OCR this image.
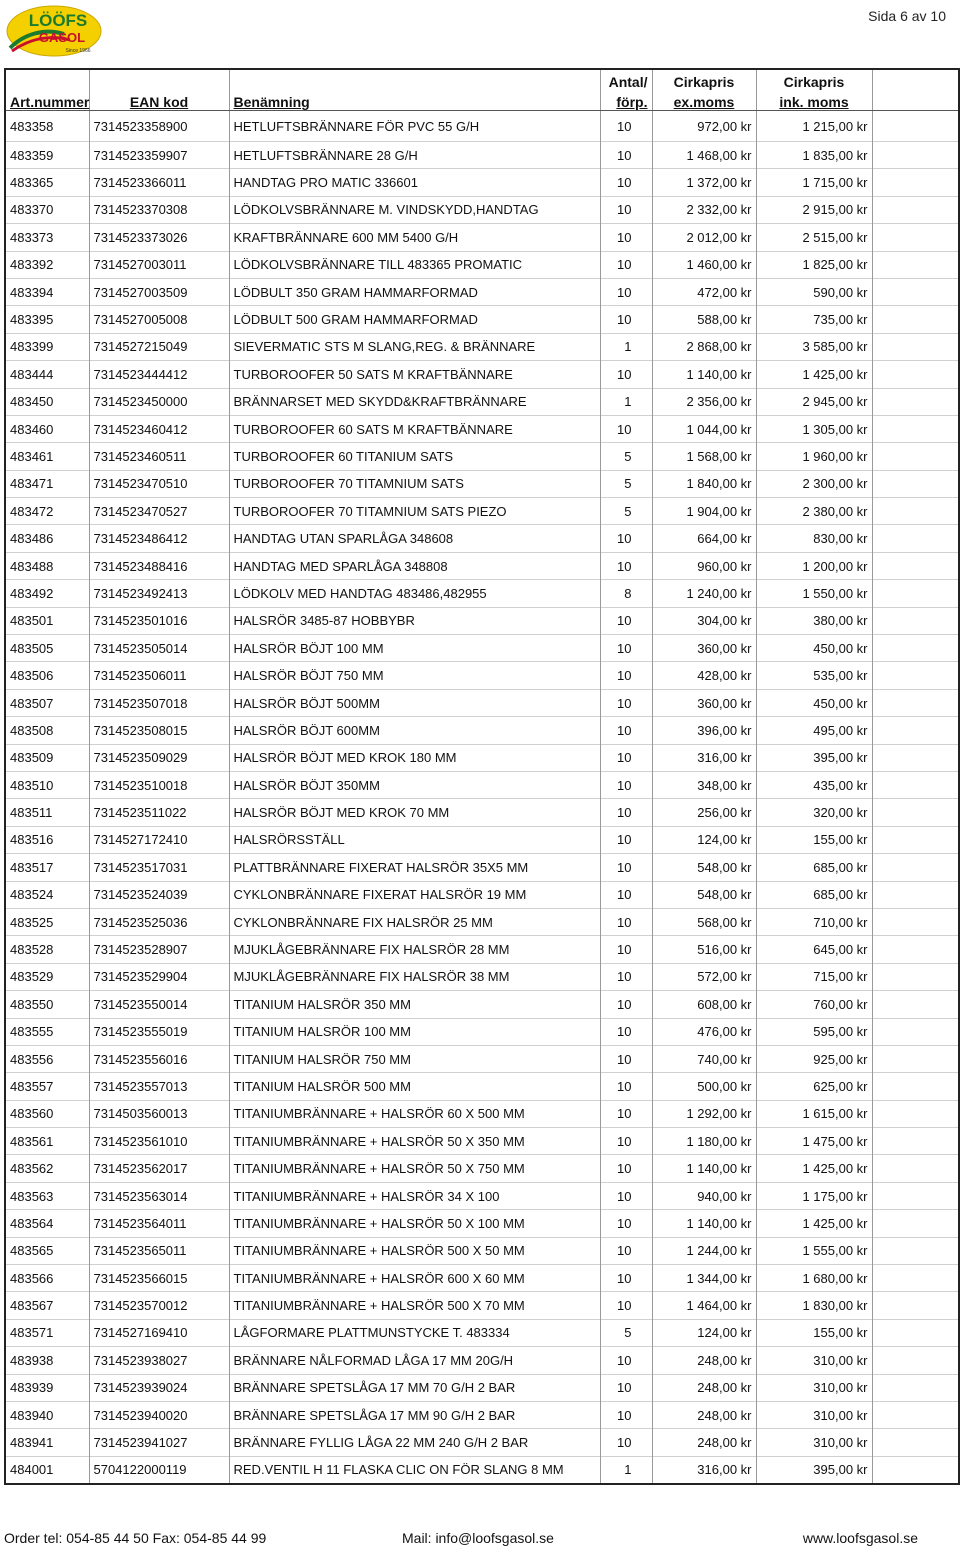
LÖÖFS
GASOL
Since 1966
Sida 6 av 10
			Antal/	Cirkapris	Cirkapris	
Art.nummer	EAN kod	Benämning	förp.	ex.moms	ink. moms	
483358	7314523358900	HETLUFTSBRÄNNARE FÖR PVC 55 G/H	10	972,00 kr	1 215,00 kr	
483359	7314523359907	HETLUFTSBRÄNNARE 28 G/H	10	1 468,00 kr	1 835,00 kr	
483365	7314523366011	HANDTAG PRO MATIC 336601	10	1 372,00 kr	1 715,00 kr	
483370	7314523370308	LÖDKOLVSBRÄNNARE M. VINDSKYDD,HANDTAG	10	2 332,00 kr	2 915,00 kr	
483373	7314523373026	KRAFTBRÄNNARE 600 MM 5400 G/H	10	2 012,00 kr	2 515,00 kr	
483392	7314527003011	LÖDKOLVSBRÄNNARE TILL 483365 PROMATIC	10	1 460,00 kr	1 825,00 kr	
483394	7314527003509	LÖDBULT 350 GRAM HAMMARFORMAD	10	472,00 kr	590,00 kr	
483395	7314527005008	LÖDBULT 500 GRAM HAMMARFORMAD	10	588,00 kr	735,00 kr	
483399	7314527215049	SIEVERMATIC STS M SLANG,REG. & BRÄNNARE	1	2 868,00 kr	3 585,00 kr	
483444	7314523444412	TURBOROOFER 50 SATS M KRAFTBÄNNARE	10	1 140,00 kr	1 425,00 kr	
483450	7314523450000	BRÄNNARSET MED SKYDD&KRAFTBRÄNNARE	1	2 356,00 kr	2 945,00 kr	
483460	7314523460412	TURBOROOFER 60 SATS M KRAFTBÄNNARE	10	1 044,00 kr	1 305,00 kr	
483461	7314523460511	TURBOROOFER 60 TITANIUM SATS	5	1 568,00 kr	1 960,00 kr	
483471	7314523470510	TURBOROOFER 70 TITAMNIUM SATS	5	1 840,00 kr	2 300,00 kr	
483472	7314523470527	TURBOROOFER 70 TITAMNIUM SATS PIEZO	5	1 904,00 kr	2 380,00 kr	
483486	7314523486412	HANDTAG UTAN SPARLÅGA 348608	10	664,00 kr	830,00 kr	
483488	7314523488416	HANDTAG MED SPARLÅGA 348808	10	960,00 kr	1 200,00 kr	
483492	7314523492413	LÖDKOLV MED HANDTAG 483486,482955	8	1 240,00 kr	1 550,00 kr	
483501	7314523501016	HALSRÖR 3485-87 HOBBYBR	10	304,00 kr	380,00 kr	
483505	7314523505014	HALSRÖR BÖJT 100 MM	10	360,00 kr	450,00 kr	
483506	7314523506011	HALSRÖR BÖJT 750 MM	10	428,00 kr	535,00 kr	
483507	7314523507018	HALSRÖR BÖJT 500MM	10	360,00 kr	450,00 kr	
483508	7314523508015	HALSRÖR BÖJT 600MM	10	396,00 kr	495,00 kr	
483509	7314523509029	HALSRÖR BÖJT MED KROK 180 MM	10	316,00 kr	395,00 kr	
483510	7314523510018	HALSRÖR BÖJT 350MM	10	348,00 kr	435,00 kr	
483511	7314523511022	HALSRÖR BÖJT MED KROK 70 MM	10	256,00 kr	320,00 kr	
483516	7314527172410	HALSRÖRSSTÄLL	10	124,00 kr	155,00 kr	
483517	7314523517031	PLATTBRÄNNARE FIXERAT HALSRÖR 35X5 MM	10	548,00 kr	685,00 kr	
483524	7314523524039	CYKLONBRÄNNARE FIXERAT HALSRÖR 19 MM	10	548,00 kr	685,00 kr	
483525	7314523525036	CYKLONBRÄNNARE FIX HALSRÖR 25 MM	10	568,00 kr	710,00 kr	
483528	7314523528907	MJUKLÅGEBRÄNNARE FIX HALSRÖR 28 MM	10	516,00 kr	645,00 kr	
483529	7314523529904	MJUKLÅGEBRÄNNARE FIX HALSRÖR 38 MM	10	572,00 kr	715,00 kr	
483550	7314523550014	TITANIUM HALSRÖR 350 MM	10	608,00 kr	760,00 kr	
483555	7314523555019	TITANIUM HALSRÖR 100 MM	10	476,00 kr	595,00 kr	
483556	7314523556016	TITANIUM HALSRÖR 750 MM	10	740,00 kr	925,00 kr	
483557	7314523557013	TITANIUM HALSRÖR 500 MM	10	500,00 kr	625,00 kr	
483560	7314503560013	TITANIUMBRÄNNARE + HALSRÖR 60 X 500 MM	10	1 292,00 kr	1 615,00 kr	
483561	7314523561010	TITANIUMBRÄNNARE + HALSRÖR 50 X 350 MM	10	1 180,00 kr	1 475,00 kr	
483562	7314523562017	TITANIUMBRÄNNARE + HALSRÖR 50 X 750 MM	10	1 140,00 kr	1 425,00 kr	
483563	7314523563014	TITANIUMBRÄNNARE + HALSRÖR 34 X 100	10	940,00 kr	1 175,00 kr	
483564	7314523564011	TITANIUMBRÄNNARE + HALSRÖR 50 X 100 MM	10	1 140,00 kr	1 425,00 kr	
483565	7314523565011	TITANIUMBRÄNNARE + HALSRÖR 500 X 50 MM	10	1 244,00 kr	1 555,00 kr	
483566	7314523566015	TITANIUMBRÄNNARE + HALSRÖR 600 X 60 MM	10	1 344,00 kr	1 680,00 kr	
483567	7314523570012	TITANIUMBRÄNNARE + HALSRÖR 500 X 70 MM	10	1 464,00 kr	1 830,00 kr	
483571	7314527169410	LÅGFORMARE PLATTMUNSTYCKE T. 483334	5	124,00 kr	155,00 kr	
483938	7314523938027	BRÄNNARE NÅLFORMAD LÅGA 17 MM 20G/H	10	248,00 kr	310,00 kr	
483939	7314523939024	BRÄNNARE SPETSLÅGA 17 MM 70 G/H 2 BAR	10	248,00 kr	310,00 kr	
483940	7314523940020	BRÄNNARE SPETSLÅGA 17 MM 90 G/H 2 BAR	10	248,00 kr	310,00 kr	
483941	7314523941027	BRÄNNARE FYLLIG LÅGA 22 MM 240 G/H 2 BAR	10	248,00 kr	310,00 kr	
484001	5704122000119	RED.VENTIL H 11 FLASKA CLIC ON FÖR SLANG 8 MM	1	316,00 kr	395,00 kr	
Order tel: 054-85 44 50 Fax: 054-85 44 99	Mail: info@loofsgasol.se	www.loofsgasol.se
